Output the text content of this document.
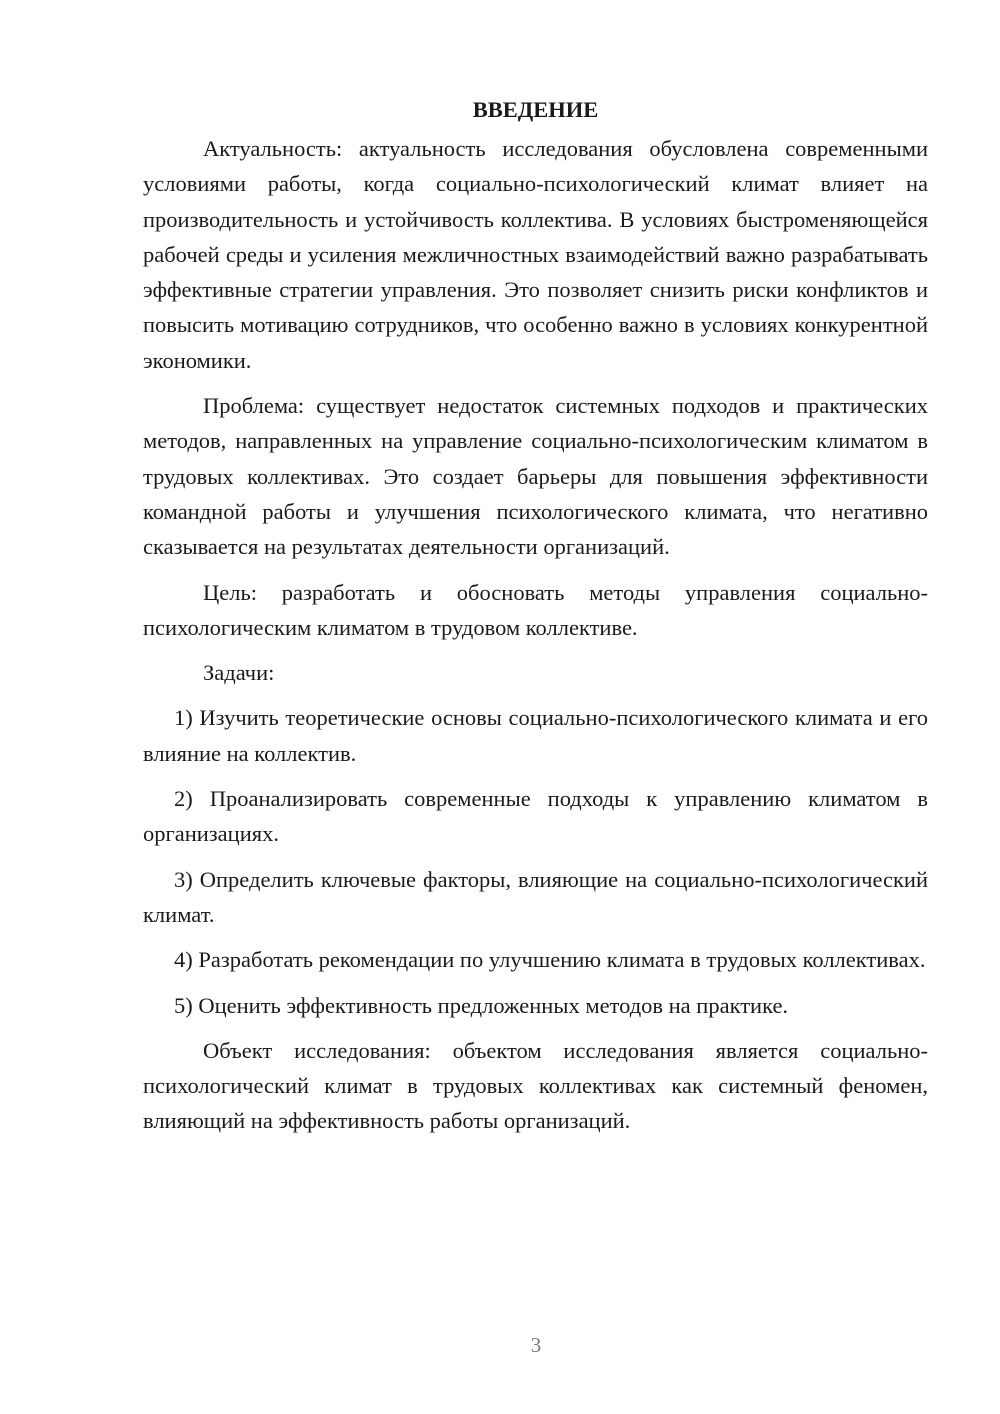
ВВЕДЕНИЕ

Актуальность: актуальность исследования обусловлена современными условиями работы, когда социально-психологический климат влияет на производительность и устойчивость коллектива. В условиях быстроменяющейся рабочей среды и усиления межличностных взаимодействий важно разрабатывать эффективные стратегии управления. Это позволяет снизить риски конфликтов и повысить мотивацию сотрудников, что особенно важно в условиях конкурентной экономики.

Проблема: существует недостаток системных подходов и практических методов, направленных на управление социально-психологическим климатом в трудовых коллективах. Это создает барьеры для повышения эффективности командной работы и улучшения психологического климата, что негативно сказывается на результатах деятельности организаций.

Цель: разработать и обосновать методы управления социально-психологическим климатом в трудовом коллективе.

Задачи:

1) Изучить теоретические основы социально-психологического климата и его влияние на коллектив.

2) Проанализировать современные подходы к управлению климатом в организациях.

3) Определить ключевые факторы, влияющие на социально-психологический климат.

4) Разработать рекомендации по улучшению климата в трудовых коллективах.

5) Оценить эффективность предложенных методов на практике.

Объект исследования: объектом исследования является социально-психологический климат в трудовых коллективах как системный феномен, влияющий на эффективность работы организаций.

3
